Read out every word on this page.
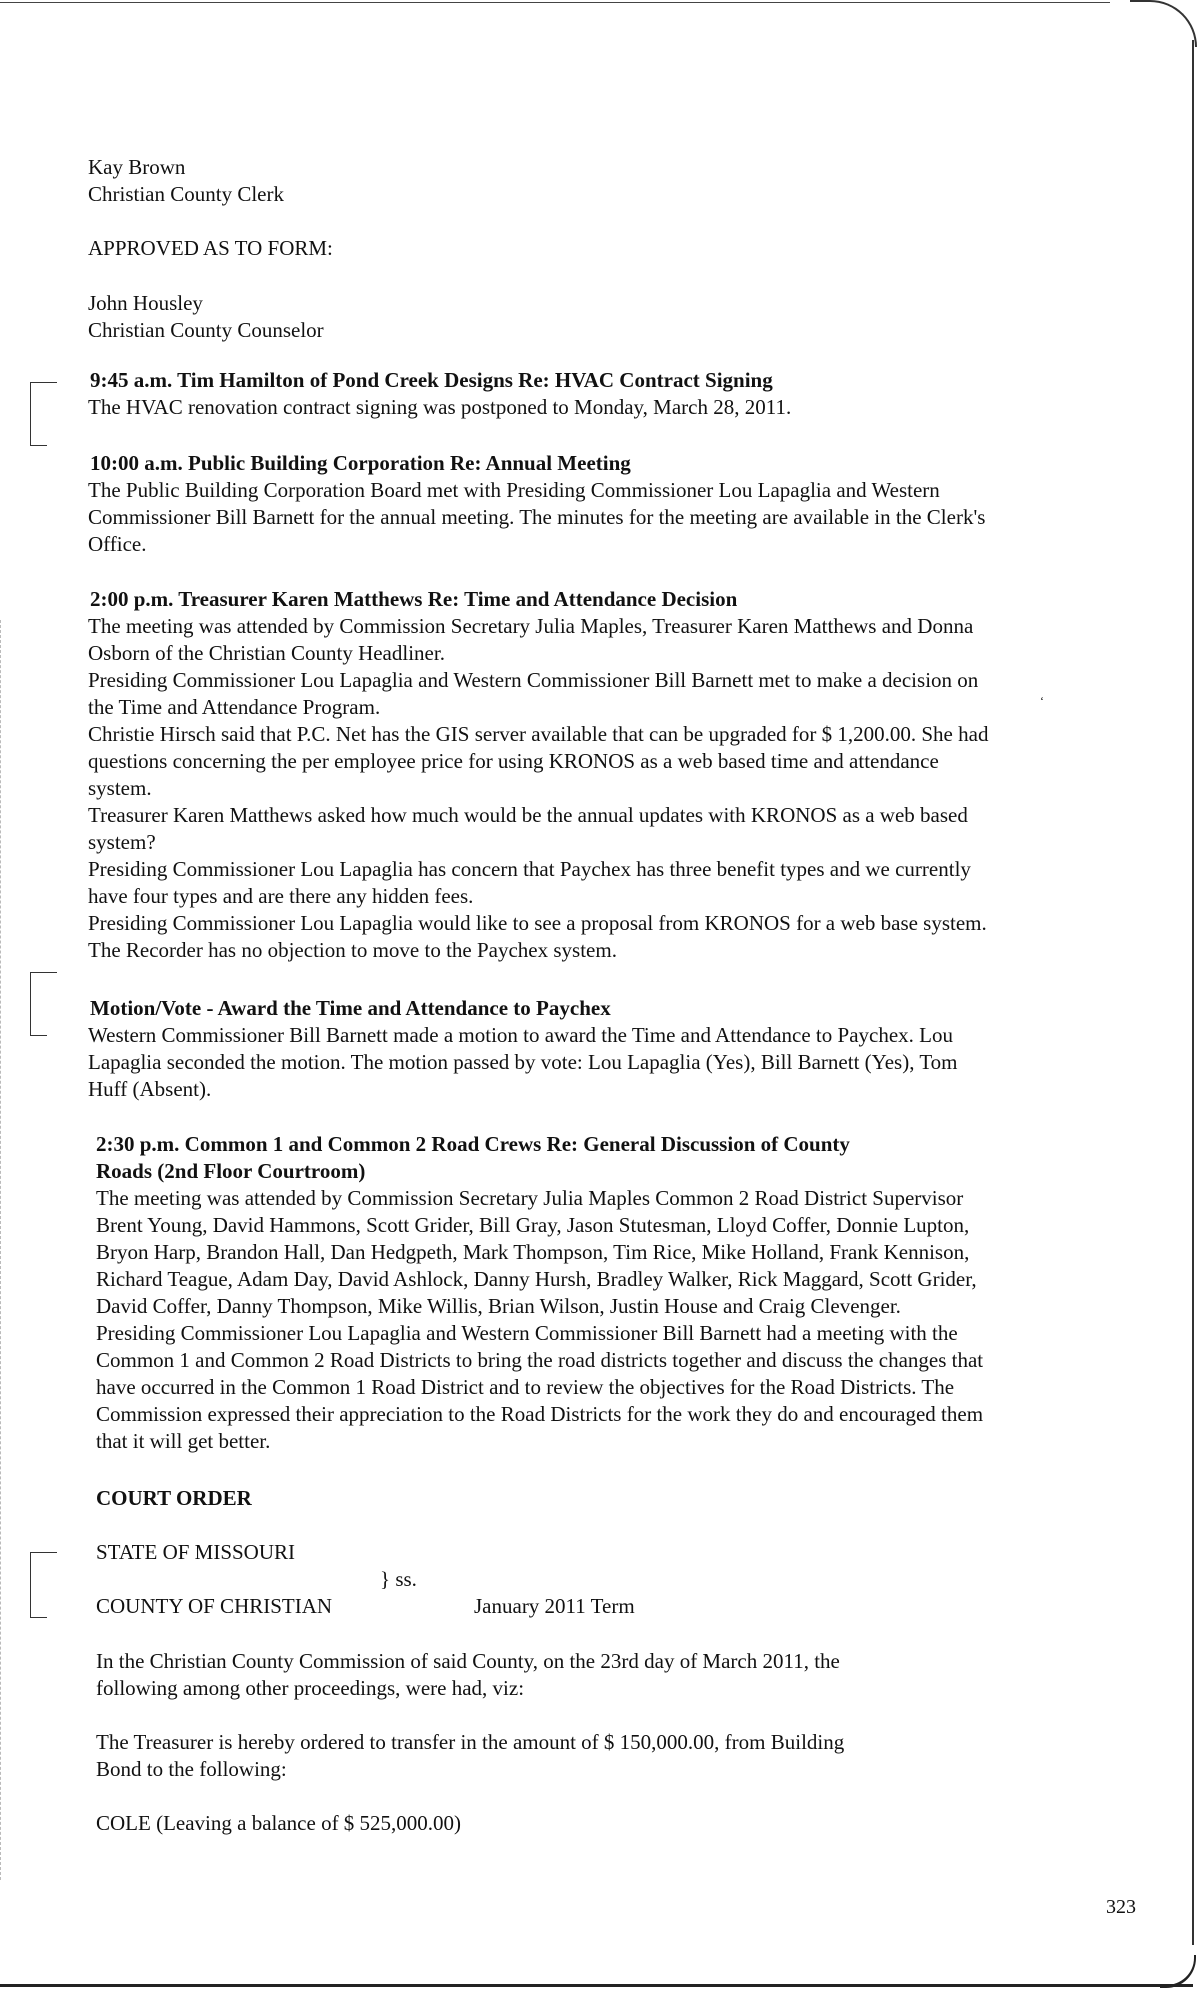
Kay Brown
Christian County Clerk
APPROVED AS TO FORM:
John Housley
Christian County Counselor
9:45 a.m. Tim Hamilton of Pond Creek Designs Re: HVAC Contract Signing

The HVAC renovation contract signing was postponed to Monday, March 28, 2011.

10:00 a.m. Public Building Corporation Re: Annual Meeting

The Public Building Corporation Board met with Presiding Commissioner Lou Lapaglia and Western

Commissioner Bill Barnett for the annual meeting. The minutes for the meeting are available in the Clerk's

Office.

2:00 p.m. Treasurer Karen Matthews Re: Time and Attendance Decision

The meeting was attended by Commission Secretary Julia Maples, Treasurer Karen Matthews and Donna

Osborn of the Christian County Headliner.

Presiding Commissioner Lou Lapaglia and Western Commissioner Bill Barnett met to make a decision on

the Time and Attendance Program.

Christie Hirsch said that P.C. Net has the GIS server available that can be upgraded for $ 1,200.00. She had

questions concerning the per employee price for using KRONOS as a web based time and attendance

system.

Treasurer Karen Matthews asked how much would be the annual updates with KRONOS as a web based

system?

Presiding Commissioner Lou Lapaglia has concern that Paychex has three benefit types and we currently

have four types and are there any hidden fees.

Presiding Commissioner Lou Lapaglia would like to see a proposal from KRONOS for a web base system.

The Recorder has no objection to move to the Paychex system.

‘
Motion/Vote - Award the Time and Attendance to Paychex

Western Commissioner Bill Barnett made a motion to award the Time and Attendance to Paychex. Lou

Lapaglia seconded the motion. The motion passed by vote: Lou Lapaglia (Yes), Bill Barnett (Yes), Tom

Huff (Absent).

2:30 p.m. Common 1 and Common 2 Road Crews Re: General Discussion of County
Roads (2nd Floor Courtroom)

The meeting was attended by Commission Secretary Julia Maples Common 2 Road District Supervisor

Brent Young, David Hammons, Scott Grider, Bill Gray, Jason Stutesman, Lloyd Coffer, Donnie Lupton,

Bryon Harp, Brandon Hall, Dan Hedgpeth, Mark Thompson, Tim Rice, Mike Holland, Frank Kennison,

Richard Teague, Adam Day, David Ashlock, Danny Hursh, Bradley Walker, Rick Maggard, Scott Grider,

David Coffer, Danny Thompson, Mike Willis, Brian Wilson, Justin House and Craig Clevenger.

Presiding Commissioner Lou Lapaglia and Western Commissioner Bill Barnett had a meeting with the

Common 1 and Common 2 Road Districts to bring the road districts together and discuss the changes that

have occurred in the Common 1 Road District and to review the objectives for the Road Districts. The

Commission expressed their appreciation to the Road Districts for the work they do and encouraged them

that it will get better.

COURT ORDER
STATE OF MISSOURI
} ss.
COUNTY OF CHRISTIAN	January 2011 Term

In the Christian County Commission of said County, on the 23rd day of March 2011, the

following among other proceedings, were had, viz:

The Treasurer is hereby ordered to transfer in the amount of $ 150,000.00, from Building

Bond to the following:

COLE (Leaving a balance of $ 525,000.00)
323
